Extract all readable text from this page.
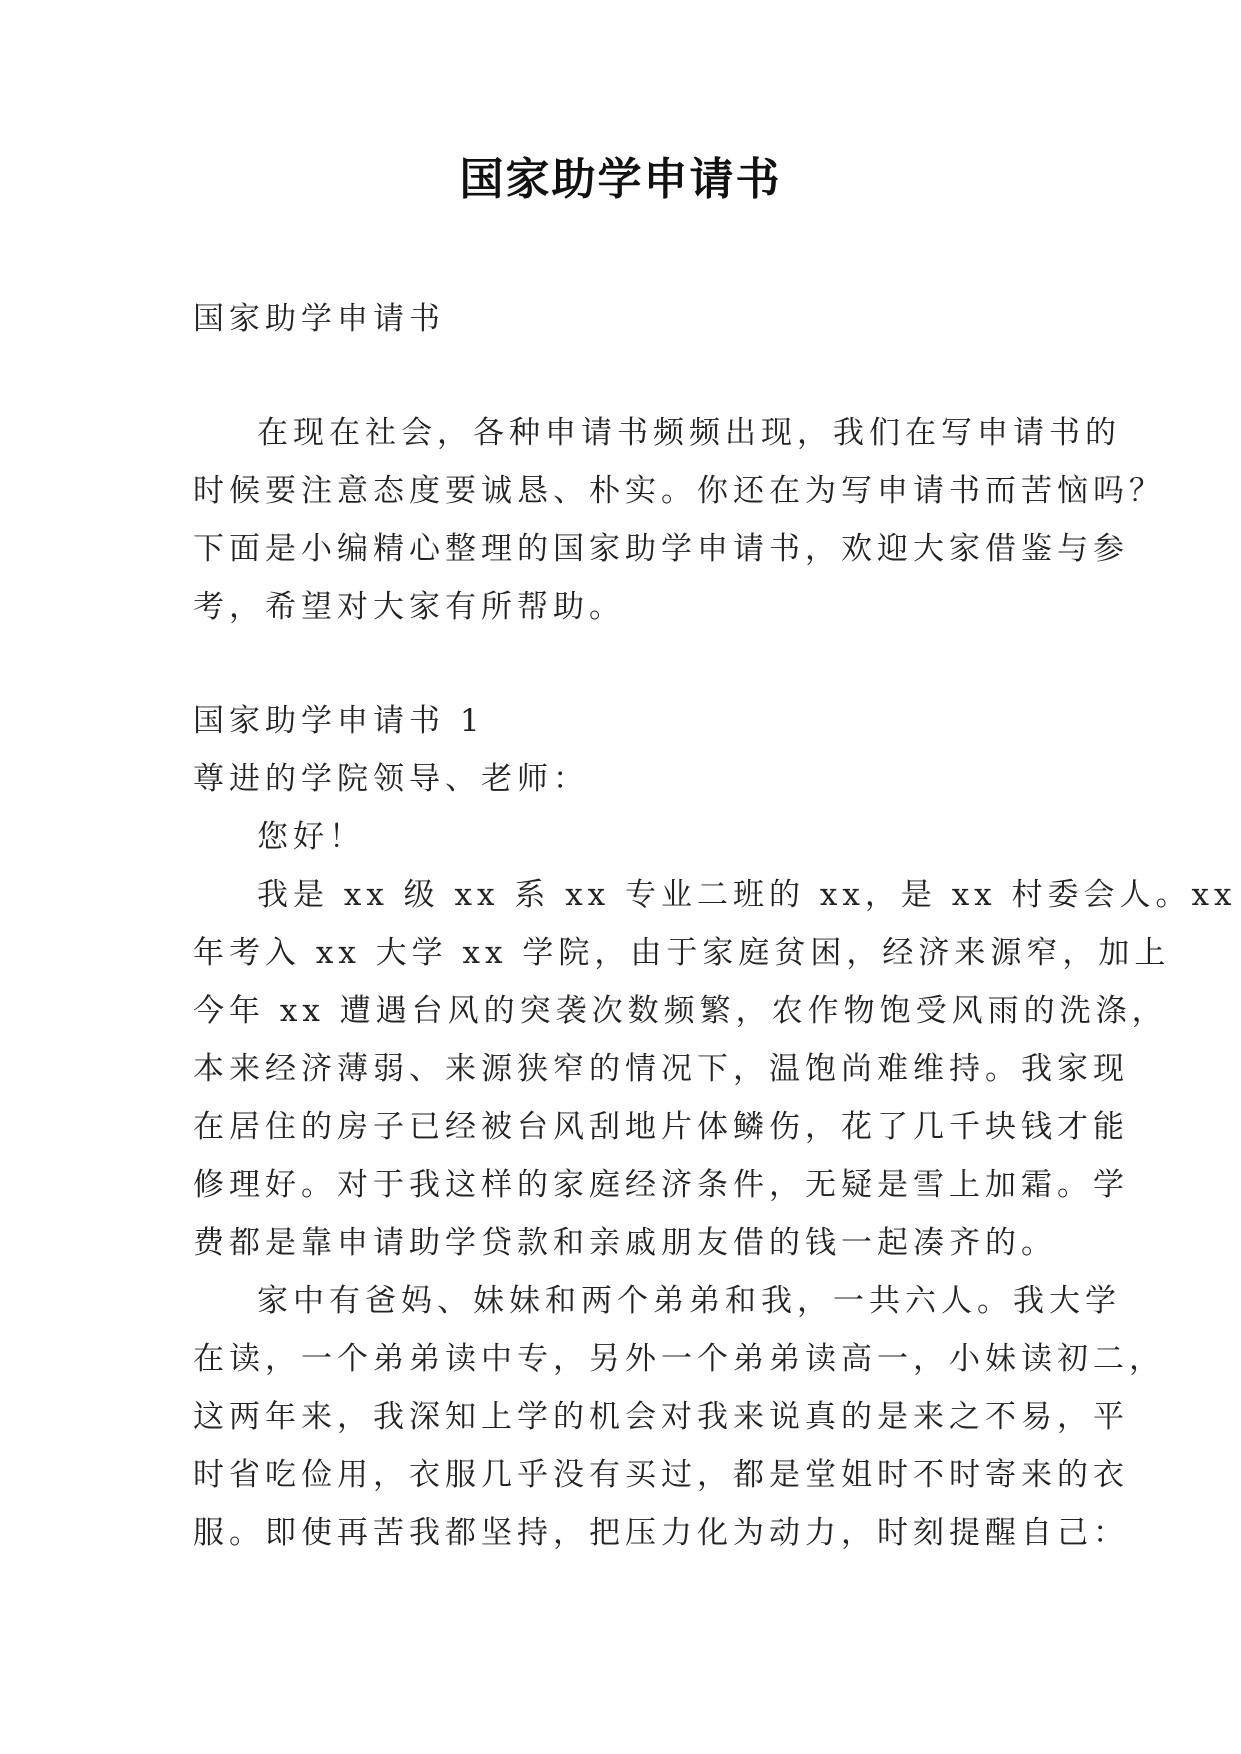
国家助学申请书
国家助学申请书
在现在社会，各种申请书频频出现，我们在写申请书的
时候要注意态度要诚恳、朴实。你还在为写申请书而苦恼吗？
下面是小编精心整理的国家助学申请书，欢迎大家借鉴与参
考，希望对大家有所帮助。
国家助学申请书 1
尊进的学院领导、老师：
您好！
我是 xx 级 xx 系 xx 专业二班的 xx，是 xx 村委会人。xx
年考入 xx 大学 xx 学院，由于家庭贫困，经济来源窄，加上
今年 xx 遭遇台风的突袭次数频繁，农作物饱受风雨的洗涤，
本来经济薄弱、来源狭窄的情况下，温饱尚难维持。我家现
在居住的房子已经被台风刮地片体鳞伤，花了几千块钱才能
修理好。对于我这样的家庭经济条件，无疑是雪上加霜。学
费都是靠申请助学贷款和亲戚朋友借的钱一起凑齐的。
家中有爸妈、妹妹和两个弟弟和我，一共六人。我大学
在读，一个弟弟读中专，另外一个弟弟读高一，小妹读初二，
这两年来，我深知上学的机会对我来说真的是来之不易，平
时省吃俭用，衣服几乎没有买过，都是堂姐时不时寄来的衣
服。即使再苦我都坚持，把压力化为动力，时刻提醒自己：
